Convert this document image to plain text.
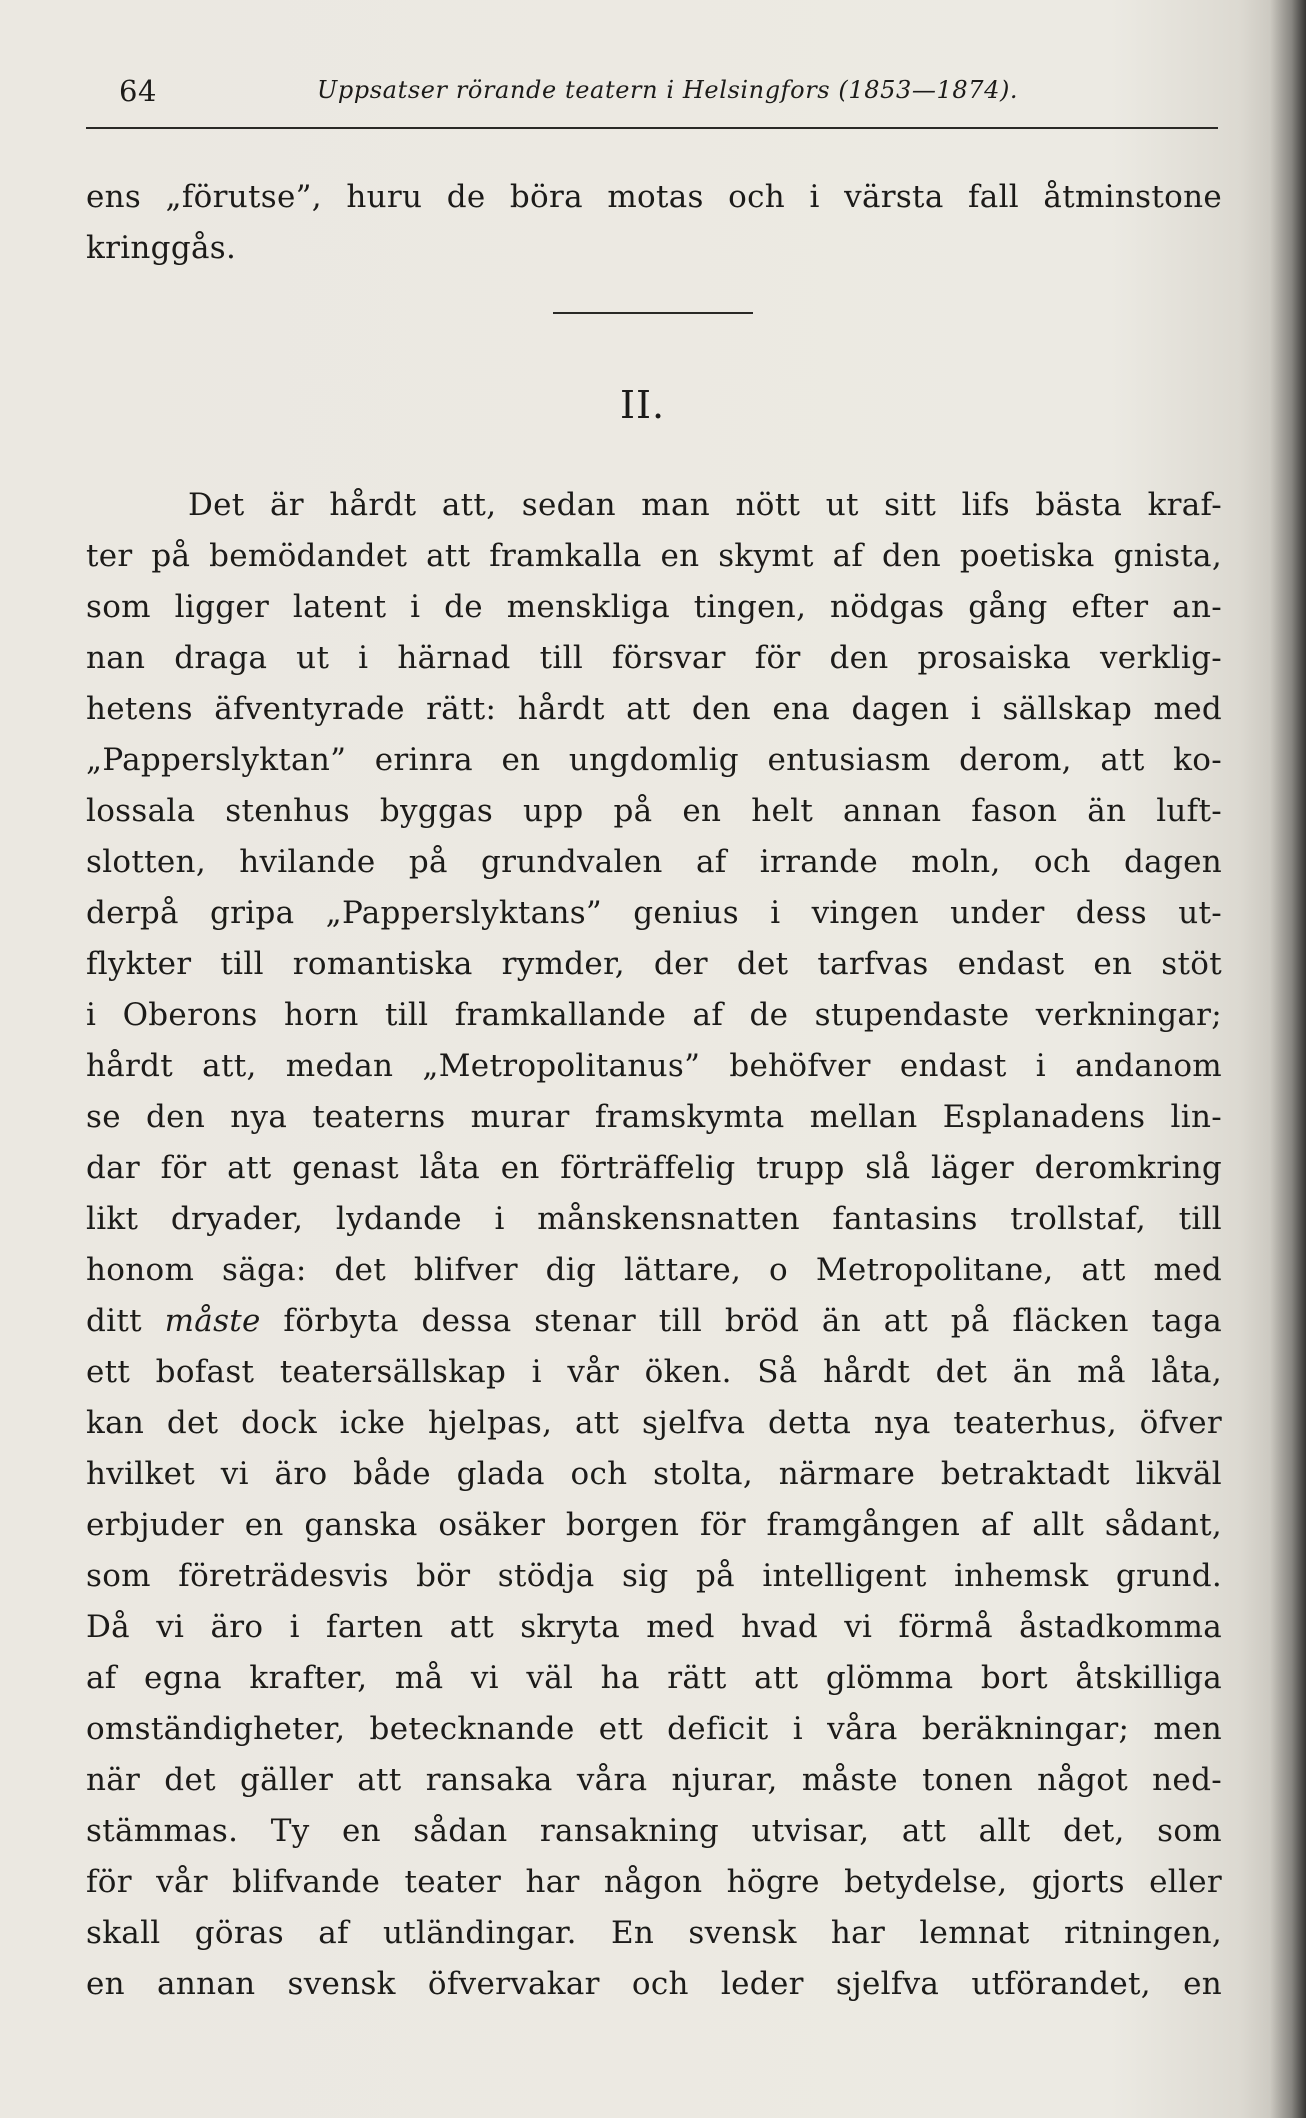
64	Uppsatser rörande teatern i Helsingfors (1853—1874).
ens „förutse”, huru de böra motas och i värsta fall åtminstone
kringgås.
II.
Det är hårdt att, sedan man nött ut sitt lifs bästa kraf-
ter på bemödandet att framkalla en skymt af den poetiska gnista,
som ligger latent i de menskliga tingen, nödgas gång efter an-
nan draga ut i härnad till försvar för den prosaiska verklig-
hetens äfventyrade rätt: hårdt att den ena dagen i sällskap med
„Papperslyktan” erinra en ungdomlig entusiasm derom, att ko-
lossala stenhus byggas upp på en helt annan fason än luft-
slotten, hvilande på grundvalen af irrande moln, och dagen
derpå gripa „Papperslyktans” genius i vingen under dess ut-
flykter till romantiska rymder, der det tarfvas endast en stöt
i Oberons horn till framkallande af de stupendaste verkningar;
hårdt att, medan „Metropolitanus” behöfver endast i andanom
se den nya teaterns murar framskymta mellan Esplanadens lin-
dar för att genast låta en förträffelig trupp slå läger deromkring
likt dryader, lydande i månskensnatten fantasins trollstaf, till
honom säga: det blifver dig lättare, o Metropolitane, att med
ditt måste förbyta dessa stenar till bröd än att på fläcken taga
ett bofast teatersällskap i vår öken. Så hårdt det än må låta,
kan det dock icke hjelpas, att sjelfva detta nya teaterhus, öfver
hvilket vi äro både glada och stolta, närmare betraktadt likväl
erbjuder en ganska osäker borgen för framgången af allt sådant,
som företrädesvis bör stödja sig på intelligent inhemsk grund.
Då vi äro i farten att skryta med hvad vi förmå åstadkomma
af egna krafter, må vi väl ha rätt att glömma bort åtskilliga
omständigheter, betecknande ett deficit i våra beräkningar; men
när det gäller att ransaka våra njurar, måste tonen något ned-
stämmas. Ty en sådan ransakning utvisar, att allt det, som
för vår blifvande teater har någon högre betydelse, gjorts eller
skall göras af utländingar. En svensk har lemnat ritningen,
en annan svensk öfvervakar och leder sjelfva utförandet, en
